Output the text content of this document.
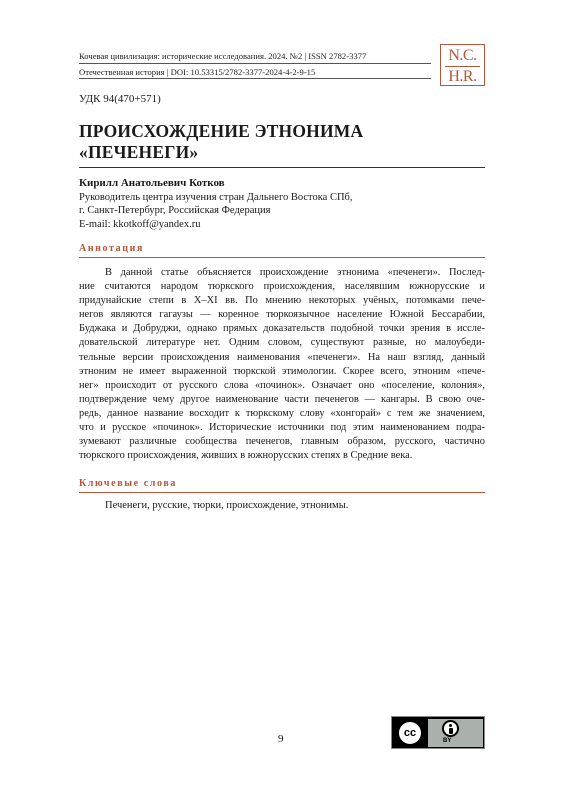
Кочевая цивилизация: исторические исследования. 2024. №2 | ISSN 2782-3377
Отечественная история | DOI: 10.53315/2782-3377-2024-4-2-9-15
N.C.
H.R.
УДК 94(470+571)
ПРОИСХОЖДЕНИЕ ЭТНОНИМА
«ПЕЧЕНЕГИ»
Кирилл Анатольевич Котков
Руководитель центра изучения стран Дальнего Востока СПб,
г. Санкт-Петербург, Российская Федерация
E-mail: kkotkoff@yandex.ru
Аннотация
В данной статье объясняется происхождение этнонима «печенеги». Послед-
ние считаются народом тюркского происхождения, населявшим южнорусские и
придунайские степи в X–XI вв. По мнению некоторых учёных, потомками пече-
негов являются гагаузы — коренное тюркоязычное население Южной Бессарабии,
Буджака и Добруджи, однако прямых доказательств подобной точки зрения в иссле-
довательской литературе нет. Одним словом, существуют разные, но малоубеди-
тельные версии происхождения наименования «печенеги». На наш взгляд, данный
этноним не имеет выраженной тюркской этимологии. Скорее всего, этноним «пече-
нег» происходит от русского слова «починок». Означает оно «поселение, колония»,
подтверждение чему другое наименование части печенегов — кангары. В свою оче-
редь, данное название восходит к тюркскому слову «хонгорай» с тем же значением,
что и русское «починок». Исторические источники под этим наименованием подра-
зумевают различные сообщества печенегов, главным образом, русского, частично
тюркского происхождения, живших в южнорусских степях в Средние века.
Ключевые слова
Печенеги, русские, тюрки, происхождение, этнонимы.
9	cc
BY
